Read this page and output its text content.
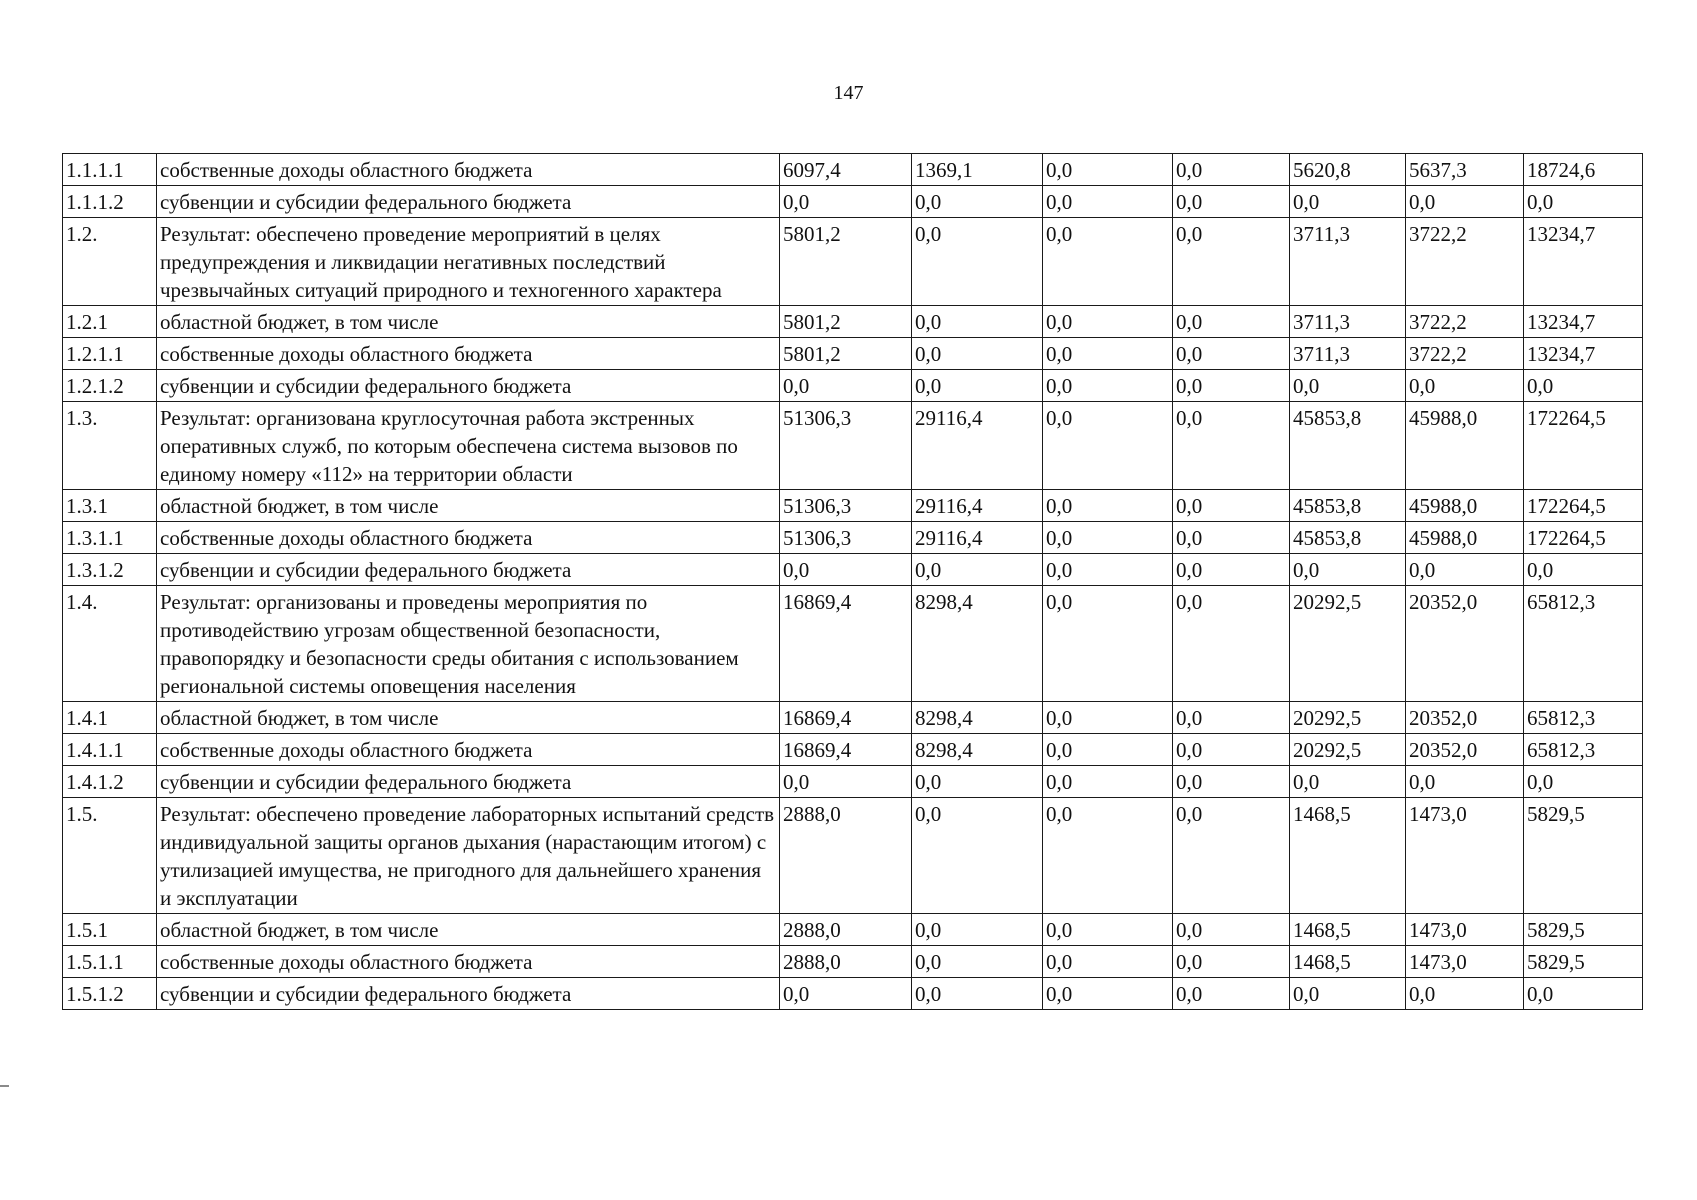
147
1.1.1.1	собственные доходы областного бюджета	6097,4	1369,1	0,0	0,0	5620,8	5637,3	18724,6
1.1.1.2	субвенции и субсидии федерального бюджета	0,0	0,0	0,0	0,0	0,0	0,0	0,0
1.2.	Результат: обеспечено проведение мероприятий в целях предупреждения и ликвидации негативных последствий чрезвычайных ситуаций природного и техногенного характера	5801,2	0,0	0,0	0,0	3711,3	3722,2	13234,7
1.2.1	областной бюджет, в том числе	5801,2	0,0	0,0	0,0	3711,3	3722,2	13234,7
1.2.1.1	собственные доходы областного бюджета	5801,2	0,0	0,0	0,0	3711,3	3722,2	13234,7
1.2.1.2	субвенции и субсидии федерального бюджета	0,0	0,0	0,0	0,0	0,0	0,0	0,0
1.3.	Результат: организована круглосуточная работа экстренных оперативных служб, по которым обеспечена система вызовов по единому номеру «112» на территории области	51306,3	29116,4	0,0	0,0	45853,8	45988,0	172264,5
1.3.1	областной бюджет, в том числе	51306,3	29116,4	0,0	0,0	45853,8	45988,0	172264,5
1.3.1.1	собственные доходы областного бюджета	51306,3	29116,4	0,0	0,0	45853,8	45988,0	172264,5
1.3.1.2	субвенции и субсидии федерального бюджета	0,0	0,0	0,0	0,0	0,0	0,0	0,0
1.4.	Результат: организованы и проведены мероприятия по противодействию угрозам общественной безопасности, правопорядку и безопасности среды обитания с использованием региональной системы оповещения населения	16869,4	8298,4	0,0	0,0	20292,5	20352,0	65812,3
1.4.1	областной бюджет, в том числе	16869,4	8298,4	0,0	0,0	20292,5	20352,0	65812,3
1.4.1.1	собственные доходы областного бюджета	16869,4	8298,4	0,0	0,0	20292,5	20352,0	65812,3
1.4.1.2	субвенции и субсидии федерального бюджета	0,0	0,0	0,0	0,0	0,0	0,0	0,0
1.5.	Результат: обеспечено проведение лабораторных испытаний средств индивидуальной защиты органов дыхания (нарастающим итогом) с утилизацией имущества, не пригодного для дальнейшего хранения и эксплуатации	2888,0	0,0	0,0	0,0	1468,5	1473,0	5829,5
1.5.1	областной бюджет, в том числе	2888,0	0,0	0,0	0,0	1468,5	1473,0	5829,5
1.5.1.1	собственные доходы областного бюджета	2888,0	0,0	0,0	0,0	1468,5	1473,0	5829,5
1.5.1.2	субвенции и субсидии федерального бюджета	0,0	0,0	0,0	0,0	0,0	0,0	0,0
